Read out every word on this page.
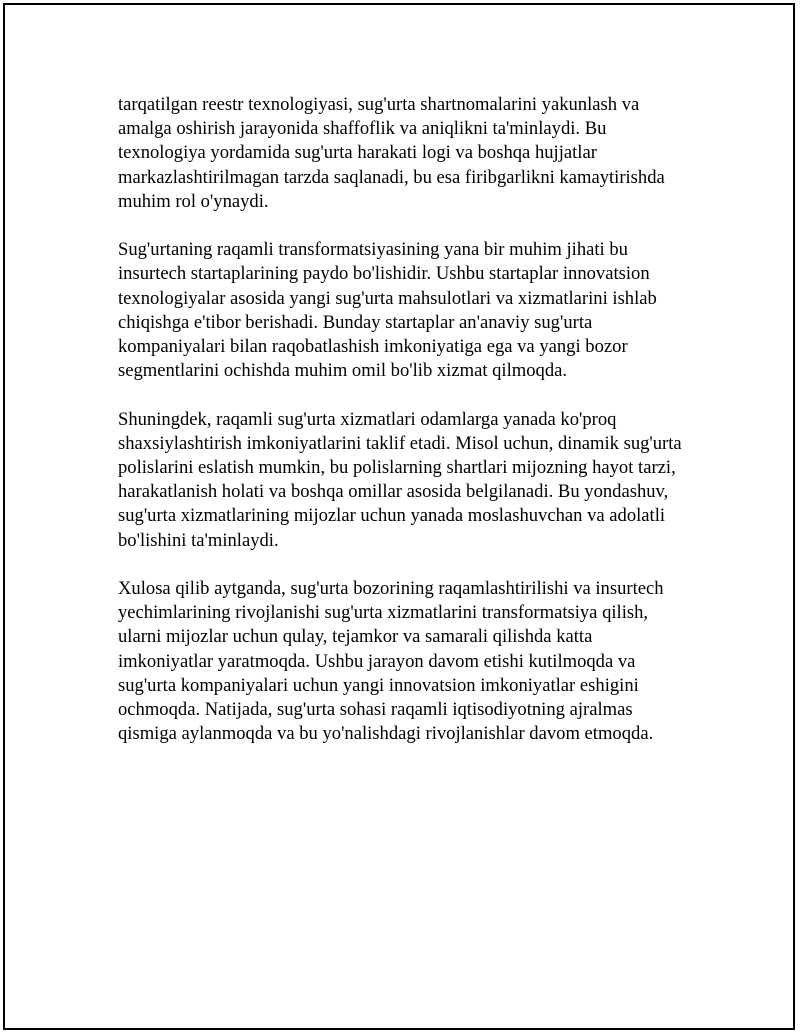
tarqatilgan reestr texnologiyasi, sug'urta shartnomalarini yakunlash va
amalga oshirish jarayonida shaffoflik va aniqlikni ta'minlaydi. Bu
texnologiya yordamida sug'urta harakati logi va boshqa hujjatlar
markazlashtirilmagan tarzda saqlanadi, bu esa firibgarlikni kamaytirishda
muhim rol o'ynaydi.

Sug'urtaning raqamli transformatsiyasining yana bir muhim jihati bu
insurtech startaplarining paydo bo'lishidir. Ushbu startaplar innovatsion
texnologiyalar asosida yangi sug'urta mahsulotlari va xizmatlarini ishlab
chiqishga e'tibor berishadi. Bunday startaplar an'anaviy sug'urta
kompaniyalari bilan raqobatlashish imkoniyatiga ega va yangi bozor
segmentlarini ochishda muhim omil bo'lib xizmat qilmoqda.

Shuningdek, raqamli sug'urta xizmatlari odamlarga yanada ko'proq
shaxsiylashtirish imkoniyatlarini taklif etadi. Misol uchun, dinamik sug'urta
polislarini eslatish mumkin, bu polislarning shartlari mijozning hayot tarzi,
harakatlanish holati va boshqa omillar asosida belgilanadi. Bu yondashuv,
sug'urta xizmatlarining mijozlar uchun yanada moslashuvchan va adolatli
bo'lishini ta'minlaydi.

Xulosa qilib aytganda, sug'urta bozorining raqamlashtirilishi va insurtech
yechimlarining rivojlanishi sug'urta xizmatlarini transformatsiya qilish,
ularni mijozlar uchun qulay, tejamkor va samarali qilishda katta
imkoniyatlar yaratmoqda. Ushbu jarayon davom etishi kutilmoqda va
sug'urta kompaniyalari uchun yangi innovatsion imkoniyatlar eshigini
ochmoqda. Natijada, sug'urta sohasi raqamli iqtisodiyotning ajralmas
qismiga aylanmoqda va bu yo'nalishdagi rivojlanishlar davom etmoqda.
